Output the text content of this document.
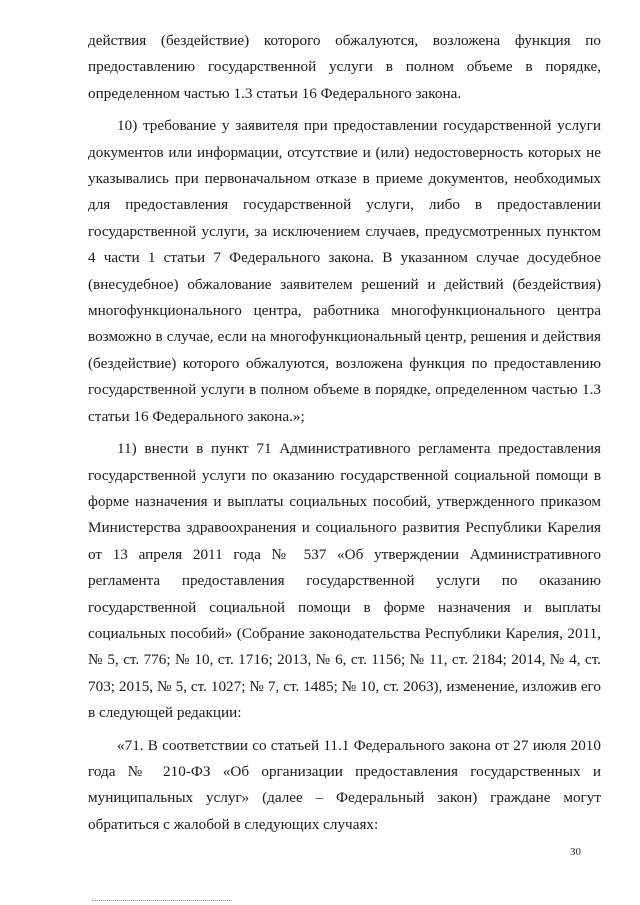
действия (бездействие) которого обжалуются, возложена функция по предоставлению государственной услуги в полном объеме в порядке, определенном частью 1.3 статьи 16 Федерального закона.

10) требование у заявителя при предоставлении государственной услуги документов или информации, отсутствие и (или) недостоверность которых не указывались при первоначальном отказе в приеме документов, необходимых для предоставления государственной услуги, либо в предоставлении государственной услуги, за исключением случаев, предусмотренных пунктом 4 части 1 статьи 7 Федерального закона. В указанном случае досудебное (внесудебное) обжалование заявителем решений и действий (бездействия) многофункционального центра, работника многофункционального центра возможно в случае, если на многофункциональный центр, решения и действия (бездействие) которого обжалуются, возложена функция по предоставлению государственной услуги в полном объеме в порядке, определенном частью 1.3 статьи 16 Федерального закона.»;

11) внести в пункт 71 Административного регламента предоставления государственной услуги по оказанию государственной социальной помощи в форме назначения и выплаты социальных пособий, утвержденного приказом Министерства здравоохранения и социального развития Республики Карелия от 13 апреля 2011 года № 537 «Об утверждении Административного регламента предоставления государственной услуги по оказанию государственной социальной помощи в форме назначения и выплаты социальных пособий» (Собрание законодательства Республики Карелия, 2011, № 5, ст. 776; № 10, ст. 1716; 2013, № 6, ст. 1156; № 11, ст. 2184; 2014, № 4, ст. 703; 2015, № 5, ст. 1027; № 7, ст. 1485; № 10, ст. 2063), изменение, изложив его в следующей редакции:

«71. В соответствии со статьей 11.1 Федерального закона от 27 июля 2010 года № 210-ФЗ «Об организации предоставления государственных и муниципальных услуг» (далее – Федеральный закон) граждане могут обратиться с жалобой в следующих случаях:

30
